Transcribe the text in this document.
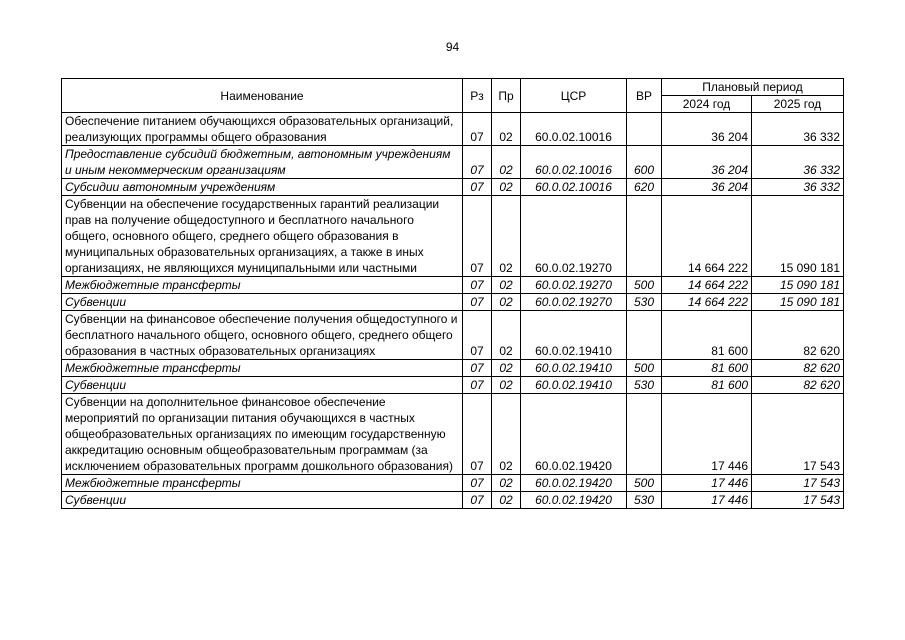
94
Наименование	Рз	Пр	ЦСР	ВР	Плановый период	
					2024 год	2025 год
Обеспечение питанием обучающихся образовательных организаций, реализующих программы общего образования	07	02	60.0.02.10016		36 204	36 332
Предоставление субсидий бюджетным, автономным учреждениям и иным некоммерческим организациям	07	02	60.0.02.10016	600	36 204	36 332
Субсидии автономным учреждениям	07	02	60.0.02.10016	620	36 204	36 332
Субвенции на обеспечение государственных гарантий реализации прав на получение общедоступного и бесплатного начального общего, основного общего, среднего общего образования в муниципальных образовательных организациях, а также в иных организациях, не являющихся муниципальными или частными	07	02	60.0.02.19270		14 664 222	15 090 181
Межбюджетные трансферты	07	02	60.0.02.19270	500	14 664 222	15 090 181
Субвенции	07	02	60.0.02.19270	530	14 664 222	15 090 181
Субвенции на финансовое обеспечение получения общедоступного и бесплатного начального общего, основного общего, среднего общего образования в частных образовательных организациях	07	02	60.0.02.19410		81 600	82 620
Межбюджетные трансферты	07	02	60.0.02.19410	500	81 600	82 620
Субвенции	07	02	60.0.02.19410	530	81 600	82 620
Субвенции на дополнительное финансовое обеспечение мероприятий по организации питания обучающихся в частных общеобразовательных организациях по имеющим государственную аккредитацию основным общеобразовательным программам (за исключением образовательных программ дошкольного образования)	07	02	60.0.02.19420		17 446	17 543
Межбюджетные трансферты	07	02	60.0.02.19420	500	17 446	17 543
Субвенции	07	02	60.0.02.19420	530	17 446	17 543
